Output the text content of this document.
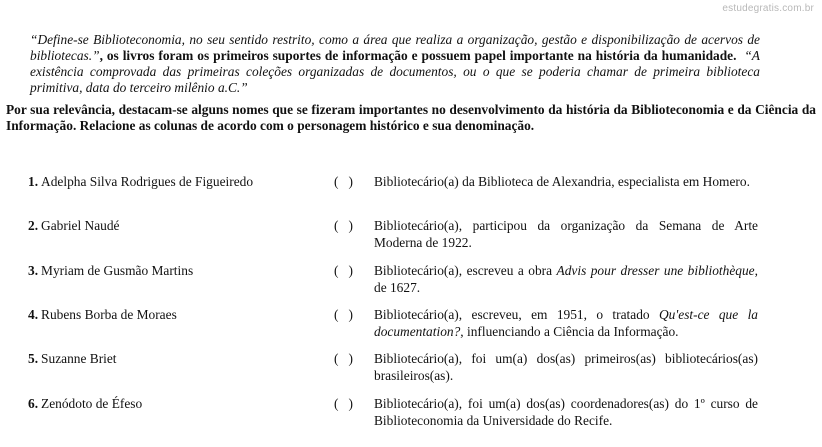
estudegratis.com.br
“Define-se Biblioteconomia, no seu sentido restrito, como a área que realiza a organização, gestão e disponibilização de acervos de bibliotecas.”, os livros foram os primeiros suportes de informação e possuem papel importante na história da humanidade. “A existência comprovada das primeiras coleções organizadas de documentos, ou o que se poderia chamar de primeira biblioteca primitiva, data do terceiro milênio a.C.”
Por sua relevância, destacam-se alguns nomes que se fizeram importantes no desenvolvimento da história da Biblioteconomia e da Ciência da Informação. Relacione as colunas de acordo com o personagem histórico e sua denominação.
1. Adelpha Silva Rodrigues de Figueiredo	(   ) Bibliotecário(a) da Biblioteca de Alexandria, especialista em Homero.
2. Gabriel Naudé	(   ) Bibliotecário(a), participou da organização da Semana de Arte Moderna de 1922.
3. Myriam de Gusmão Martins	(   ) Bibliotecário(a), escreveu a obra Advis pour dresser une bibliothèque, de 1627.
4. Rubens Borba de Moraes	(   ) Bibliotecário(a), escreveu, em 1951, o tratado Qu'est-ce que la documentation?, influenciando a Ciência da Informação.
5. Suzanne Briet	(   ) Bibliotecário(a), foi um(a) dos(as) primeiros(as) bibliotecários(as) brasileiros(as).
6. Zenódoto de Éfeso	(   ) Bibliotecário(a), foi um(a) dos(as) coordenadores(as) do 1º curso de Biblioteconomia da Universidade do Recife.
